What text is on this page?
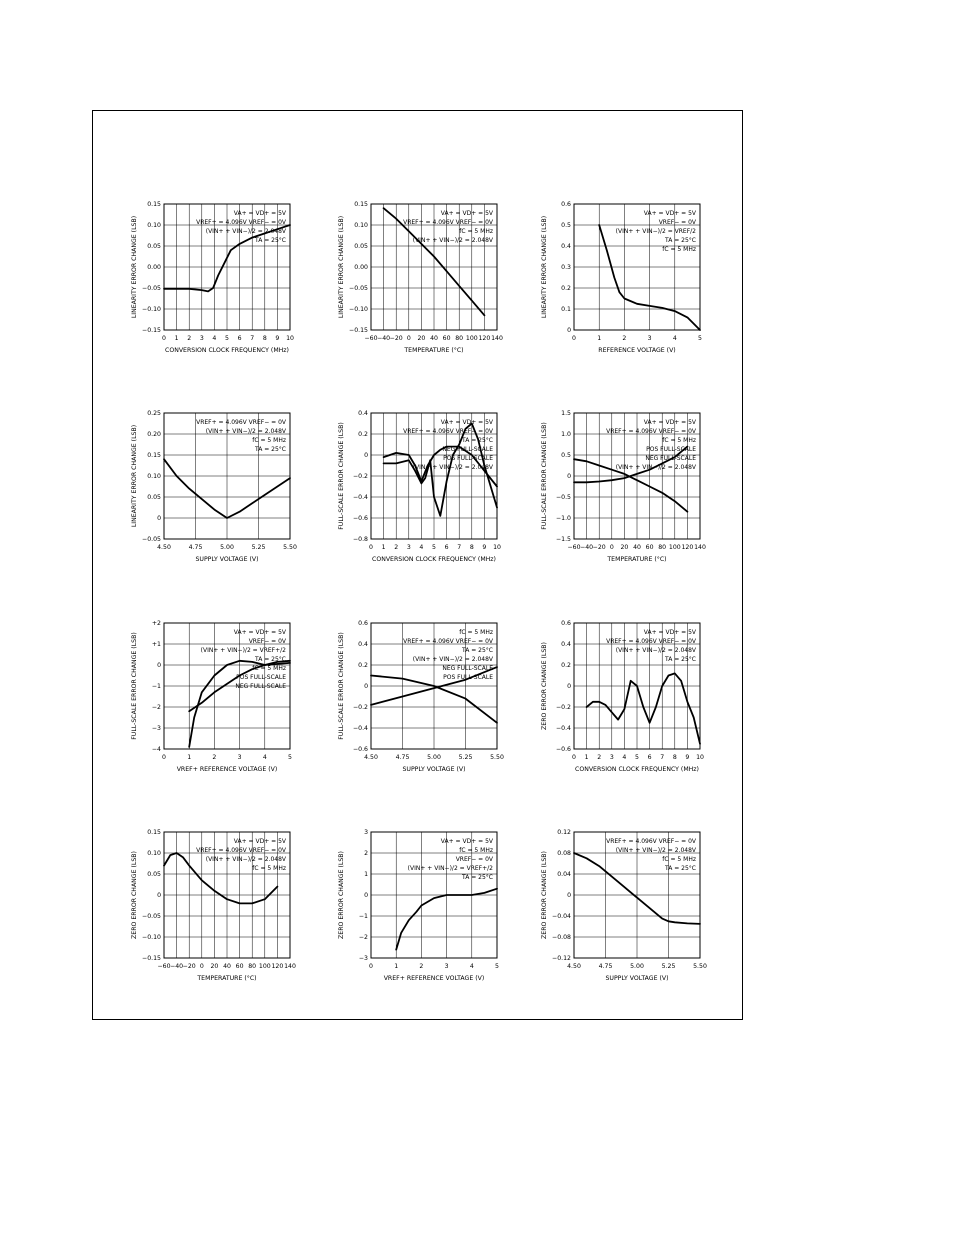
0 1 2 3 4 5 6 7 8 9 10
−0.15
−0.10
−0.05
0.00
0.05
0.10
0.15
CONVERSION CLOCK FREQUENCY (MHz)
LINEARITY ERROR CHANGE (LSB)
VA+ = VD+ = 5V
VREF+ = 4.096V VREF− = 0V
(VIN+ + VIN−)/2 = 2.048V
TA = 25°C
−60 −40 −20 0 20 40 60 80 100 120 140
−0.15
−0.10
−0.05
0.00
0.05
0.10
0.15
TEMPERATURE (°C)
LINEARITY ERROR CHANGE (LSB)
VA+ = VD+ = 5V
VREF+ = 4.096V VREF− = 0V
fC = 5 MHz
(VIN+ + VIN−)/2 = 2.048V
0	1	2	3	4	5
0
0.1
0.2
0.3
0.4
0.5
0.6
REFERENCE VOLTAGE (V)
LINEARITY ERROR CHANGE (LSB)
VA+ = VD+ = 5V
VREF− = 0V
(VIN+ + VIN−)/2 = VREF/2
TA = 25°C
fC = 5 MHz
4.50	4.75	5.00	5.25	5.50
−0.05
0
0.05
0.10
0.15
0.20
0.25
SUPPLY VOLTAGE (V)
LINEARITY ERROR CHANGE (LSB)
VREF+ = 4.096V VREF− = 0V
(VIN+ + VIN−)/2 = 2.048V
fC = 5 MHz
TA = 25°C
0 1 2 3 4 5 6 7 8 9 10
−0.8
−0.6
−0.4
−0.2
0
0.2
0.4
CONVERSION CLOCK FREQUENCY (MHz)
FULL-SCALE ERROR CHANGE (LSB)	VA+ = VD+ = 5V
VREF+ = 4.096V VREF− = 0V
TA = 25°C
NEG FULL-SCALE
POS FULL-SCALE
(VIN+ + VIN−)/2 = 2.048V
−60 −40 −20 0 20 40 60 80 100 120 140
−1.5
−1.0
−0.5
0
0.5
1.0
1.5
TEMPERATURE (°C)
FULL-SCALE ERROR CHANGE (LSB)	VA+ = VD+ = 5V
VREF+ = 4.096V VREF− = 0V
fC = 5 MHz
POS FULL-SCALE
NEG FULL-SCALE
(VIN+ + VIN−)/2 = 2.048V
0	1	2	3	4	5
−4
−3
−2
−1
0
+1
+2
VREF+ REFERENCE VOLTAGE (V)
FULL-SCALE ERROR CHANGE (LSB)	VA+ = VD+ = 5V
VREF− = 0V
(VIN+ + VIN−)/2 = VREF+/2
TA = 25°C
fC = 5 MHz
POS FULL-SCALE
NEG FULL-SCALE
4.50	4.75	5.00	5.25	5.50
−0.6
−0.4
−0.2
0
0.2
0.4
0.6
SUPPLY VOLTAGE (V)
FULL-SCALE ERROR CHANGE (LSB)	fC = 5 MHz
VREF+ = 4.096V VREF− = 0V
TA = 25°C
(VIN+ + VIN−)/2 = 2.048V
NEG FULL-SCALE
POS FULL-SCALE
0 1 2 3 4 5 6 7 8 9 10
−0.6
−0.4
−0.2
0
0.2
0.4
0.6
CONVERSION CLOCK FREQUENCY (MHz)
ZERO ERROR CHANGE (LSB)
VA+ = VD+ = 5V
VREF+ = 4.096V VREF− = 0V
(VIN+ + VIN−)/2 = 2.048V
TA = 25°C
−60 −40 −20 0 20 40 60 80 100 120 140
−0.15
−0.10
−0.05
0
0.05
0.10
0.15
TEMPERATURE (°C)
ZERO ERROR CHANGE (LSB)
VA+ = VD+ = 5V
VREF+ = 4.096V VREF− = 0V
(VIN+ + VIN−)/2 = 2.048V
fC = 5 MHz
0	1	2	3	4	5
−3
−2
−1
0
1
2
3
VREF+ REFERENCE VOLTAGE (V)
ZERO ERROR CHANGE (LSB)
VA+ = VD+ = 5V
fC = 5 MHz
VREF− = 0V
(VIN+ + VIN−)/2 = VREF+/2
TA = 25°C
4.50	4.75	5.00	5.25	5.50
−0.12
−0.08
−0.04
0
0.04
0.08
0.12
SUPPLY VOLTAGE (V)
ZERO ERROR CHANGE (LSB)
VREF+ = 4.096V VREF− = 0V
(VIN+ + VIN−)/2 = 2.048V
fC = 5 MHz
TA = 25°C
